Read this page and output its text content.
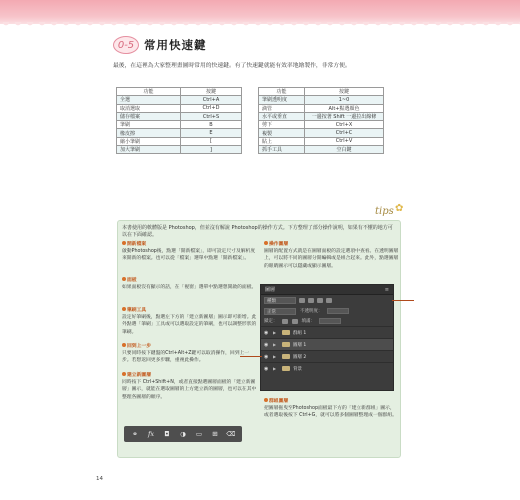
0-5 常用快速鍵

最後，在這裡為大家整理畫圖時常用的快速鍵。有了快速鍵就能有效率地繪製作，非常方便。

功能	按鍵
全選	Ctrl+A
取消選取	Ctrl+D
儲存檔案	Ctrl+S
筆刷	B
橡皮擦	E
縮小筆刷	[
加大筆刷	]
功能	按鍵
筆刷透明度	1~0
滴管	Alt+點選顏色
水平或垂直	一邊按著 Shift 一邊拉出線條
剪下	Ctrl+X
複製	Ctrl+C
貼上	Ctrl+V
抓手工具	空白鍵
tips ✿

本書使用的軟體版是 Photoshop，但並沒有解說 Photoshop的操作方式。下方整理了部分操作說明，如果有不懂的地方可以在下面確認。

開新檔案
啟動Photoshop後，點選「開新檔案」，即可設定尺寸及解析度來開新的檔案。也可以從「檔案」選單中點選「開新檔案」。
面板
如果面板沒有顯示的話，在「視窗」選單中點選想開啟的面板。
筆刷工具
設定好筆刷後，點選左下方的「建立新圖層」圖示即可新增。此外點選「筆刷」工具或可以選取設定的筆刷，也可以調整形狀的筆刷。
回到上一步
只要同時按下鍵盤的Ctrl+Alt+Z鍵可以取消操作，回到上一步。若想返回更多步驟，重複此操作。
建立新圖層
同時按下 Ctrl+Shift+N，或者直接點選圖層面板的「建立新圖層」圖示，就能在選取圖層的上方建立新的圖層，也可以在其中整理各圖層的順序。
操作圖層
圖層的配置方式就是在圖層面板的設定選項中查看。在透明圖層上，可以將不同的圖層分開編輯或是組合起來。此外，點選圖層的眼睛圖示可以隱藏或顯示圖層。
群組圖層
把圖層拖曳至Photoshop面板最下方的「建立新群組」圖示，或者選取後按下 Ctrl+G，就可以將多個圖層整理成一個群組。
圖層	≡
種類
正常	不透明度：
鎖定：	填滿：
◉	▶	群組 1
◉	▶	圖層 1
◉	▶	圖層 2
◉	▶	背景
⚭	fx	◘	◑	▭	⊞	⌫
14
